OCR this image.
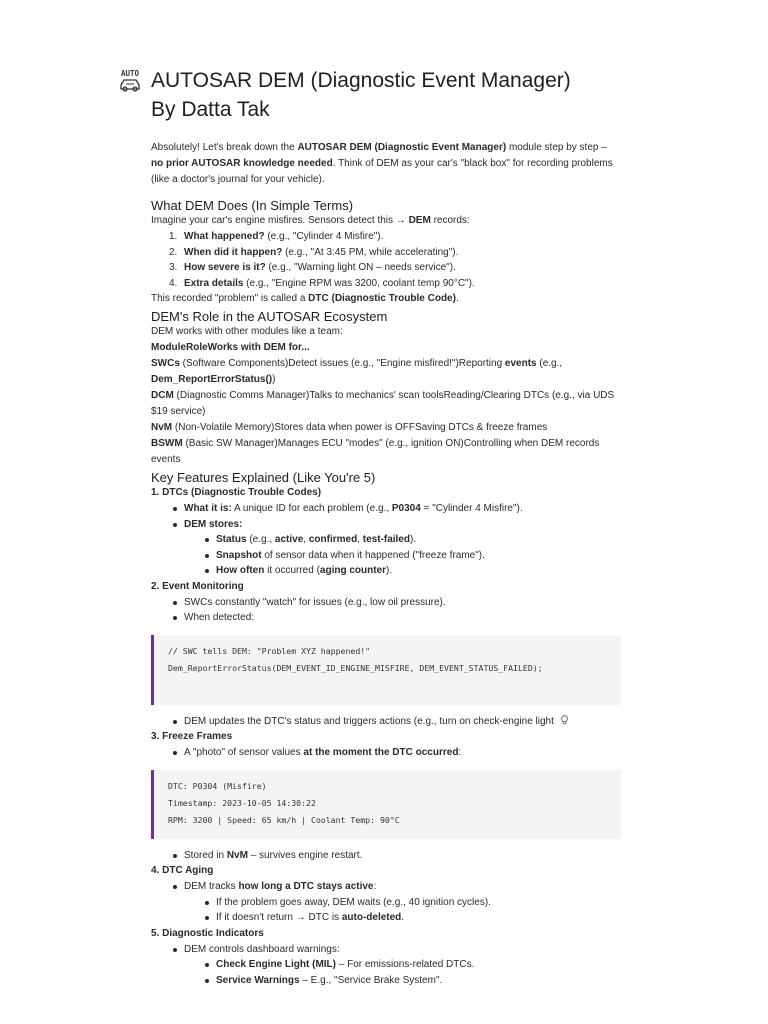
AUTO AUTOSAR DEM (Diagnostic Event Manager)
By Datta Tak

Absolutely! Let's break down the AUTOSAR DEM (Diagnostic Event Manager) module step by step – no prior AUTOSAR knowledge needed. Think of DEM as your car's "black box" for recording problems (like a doctor's journal for your vehicle).

What DEM Does (In Simple Terms)

Imagine your car's engine misfires. Sensors detect this → DEM records:

1. What happened? (e.g., "Cylinder 4 Misfire").
2. When did it happen? (e.g., "At 3:45 PM, while accelerating").
3. How severe is it? (e.g., "Warning light ON – needs service").
4. Extra details (e.g., "Engine RPM was 3200, coolant temp 90°C").

This recorded "problem" is called a DTC (Diagnostic Trouble Code).

DEM's Role in the AUTOSAR Ecosystem

DEM works with other modules like a team:

ModuleRoleWorks with DEM for...

SWCs (Software Components)Detect issues (e.g., "Engine misfired!")Reporting events (e.g., Dem_ReportErrorStatus())

DCM (Diagnostic Comms Manager)Talks to mechanics' scan toolsReading/Clearing DTCs (e.g., via UDS $19 service)

NvM (Non-Volatile Memory)Stores data when power is OFFSaving DTCs & freeze frames

BSWM (Basic SW Manager)Manages ECU "modes" (e.g., ignition ON)Controlling when DEM records events

Key Features Explained (Like You're 5)
1. DTCs (Diagnostic Trouble Codes)
What it is: A unique ID for each problem (e.g., P0304 = "Cylinder 4 Misfire").
DEM stores:
Status (e.g., active, confirmed, test-failed).
Snapshot of sensor data when it happened ("freeze frame").
How often it occurred (aging counter).
2. Event Monitoring
SWCs constantly "watch" for issues (e.g., low oil pressure).
When detected:
// SWC tells DEM: "Problem XYZ happened!"
Dem_ReportErrorStatus(DEM_EVENT_ID_ENGINE_MISFIRE, DEM_EVENT_STATUS_FAILED);

DEM updates the DTC's status and triggers actions (e.g., turn on check-engine light
3. Freeze Frames
A "photo" of sensor values at the moment the DTC occurred:
DTC: P0304 (Misfire)
Timestamp: 2023-10-05 14:30:22
RPM: 3200 | Speed: 65 km/h | Coolant Temp: 90°C

Stored in NvM – survives engine restart.
4. DTC Aging
DEM tracks how long a DTC stays active:
If the problem goes away, DEM waits (e.g., 40 ignition cycles).
If it doesn't return → DTC is auto-deleted.
5. Diagnostic Indicators
DEM controls dashboard warnings:
Check Engine Light (MIL) – For emissions-related DTCs.
Service Warnings – E.g., "Service Brake System".
